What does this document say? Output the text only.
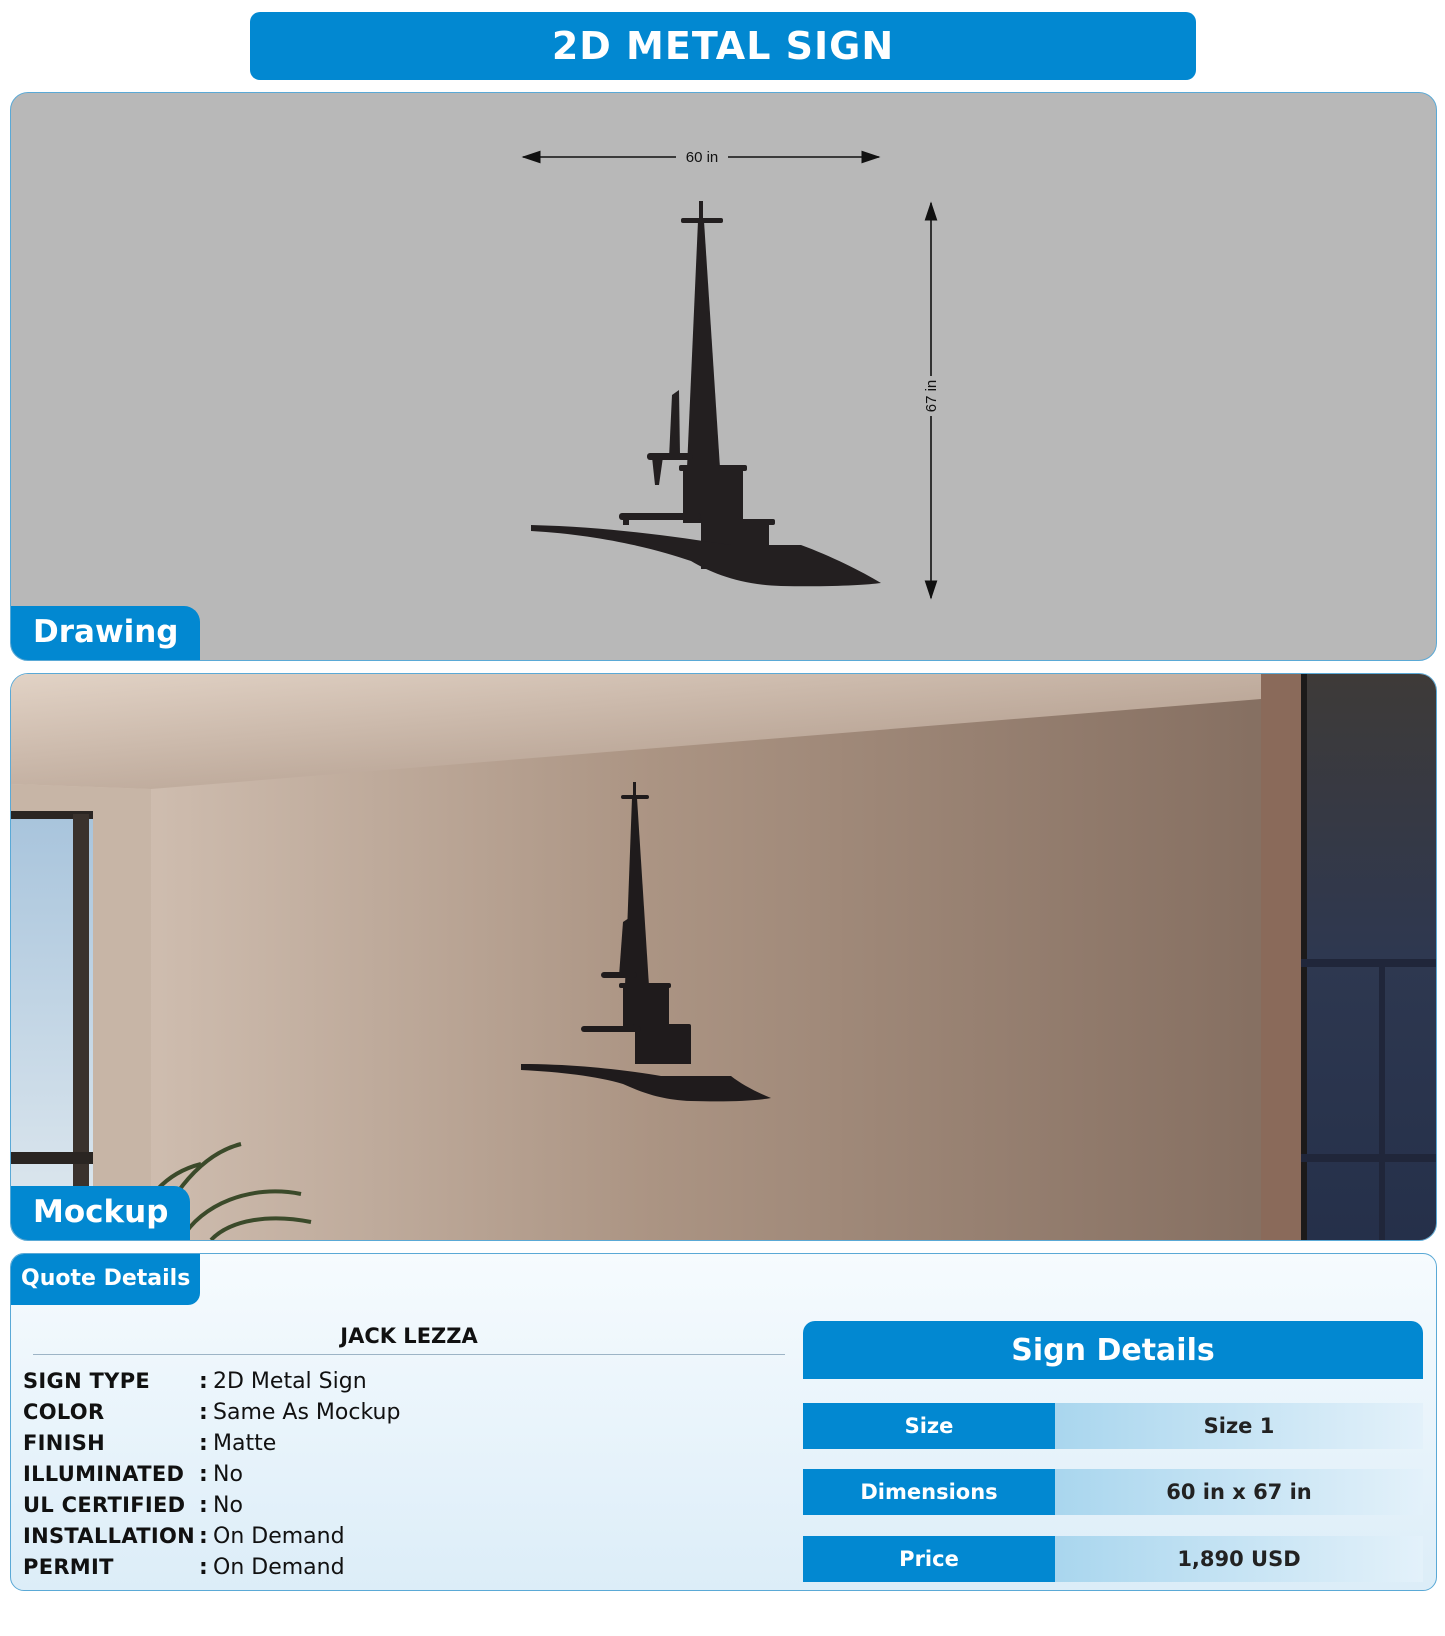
2D METAL SIGN
60 in
67 in
Drawing
Mockup
Quote Details
JACK LEZZA
SIGN TYPE	: 2D Metal Sign
COLOR	: Same As Mockup
FINISH	: Matte
ILLUMINATED : No
UL CERTIFIED : No
INSTALLATION : On Demand
PERMIT	: On Demand
Sign Details
Size	Size 1
Dimensions	60 in x 67 in
Price	1,890 USD
